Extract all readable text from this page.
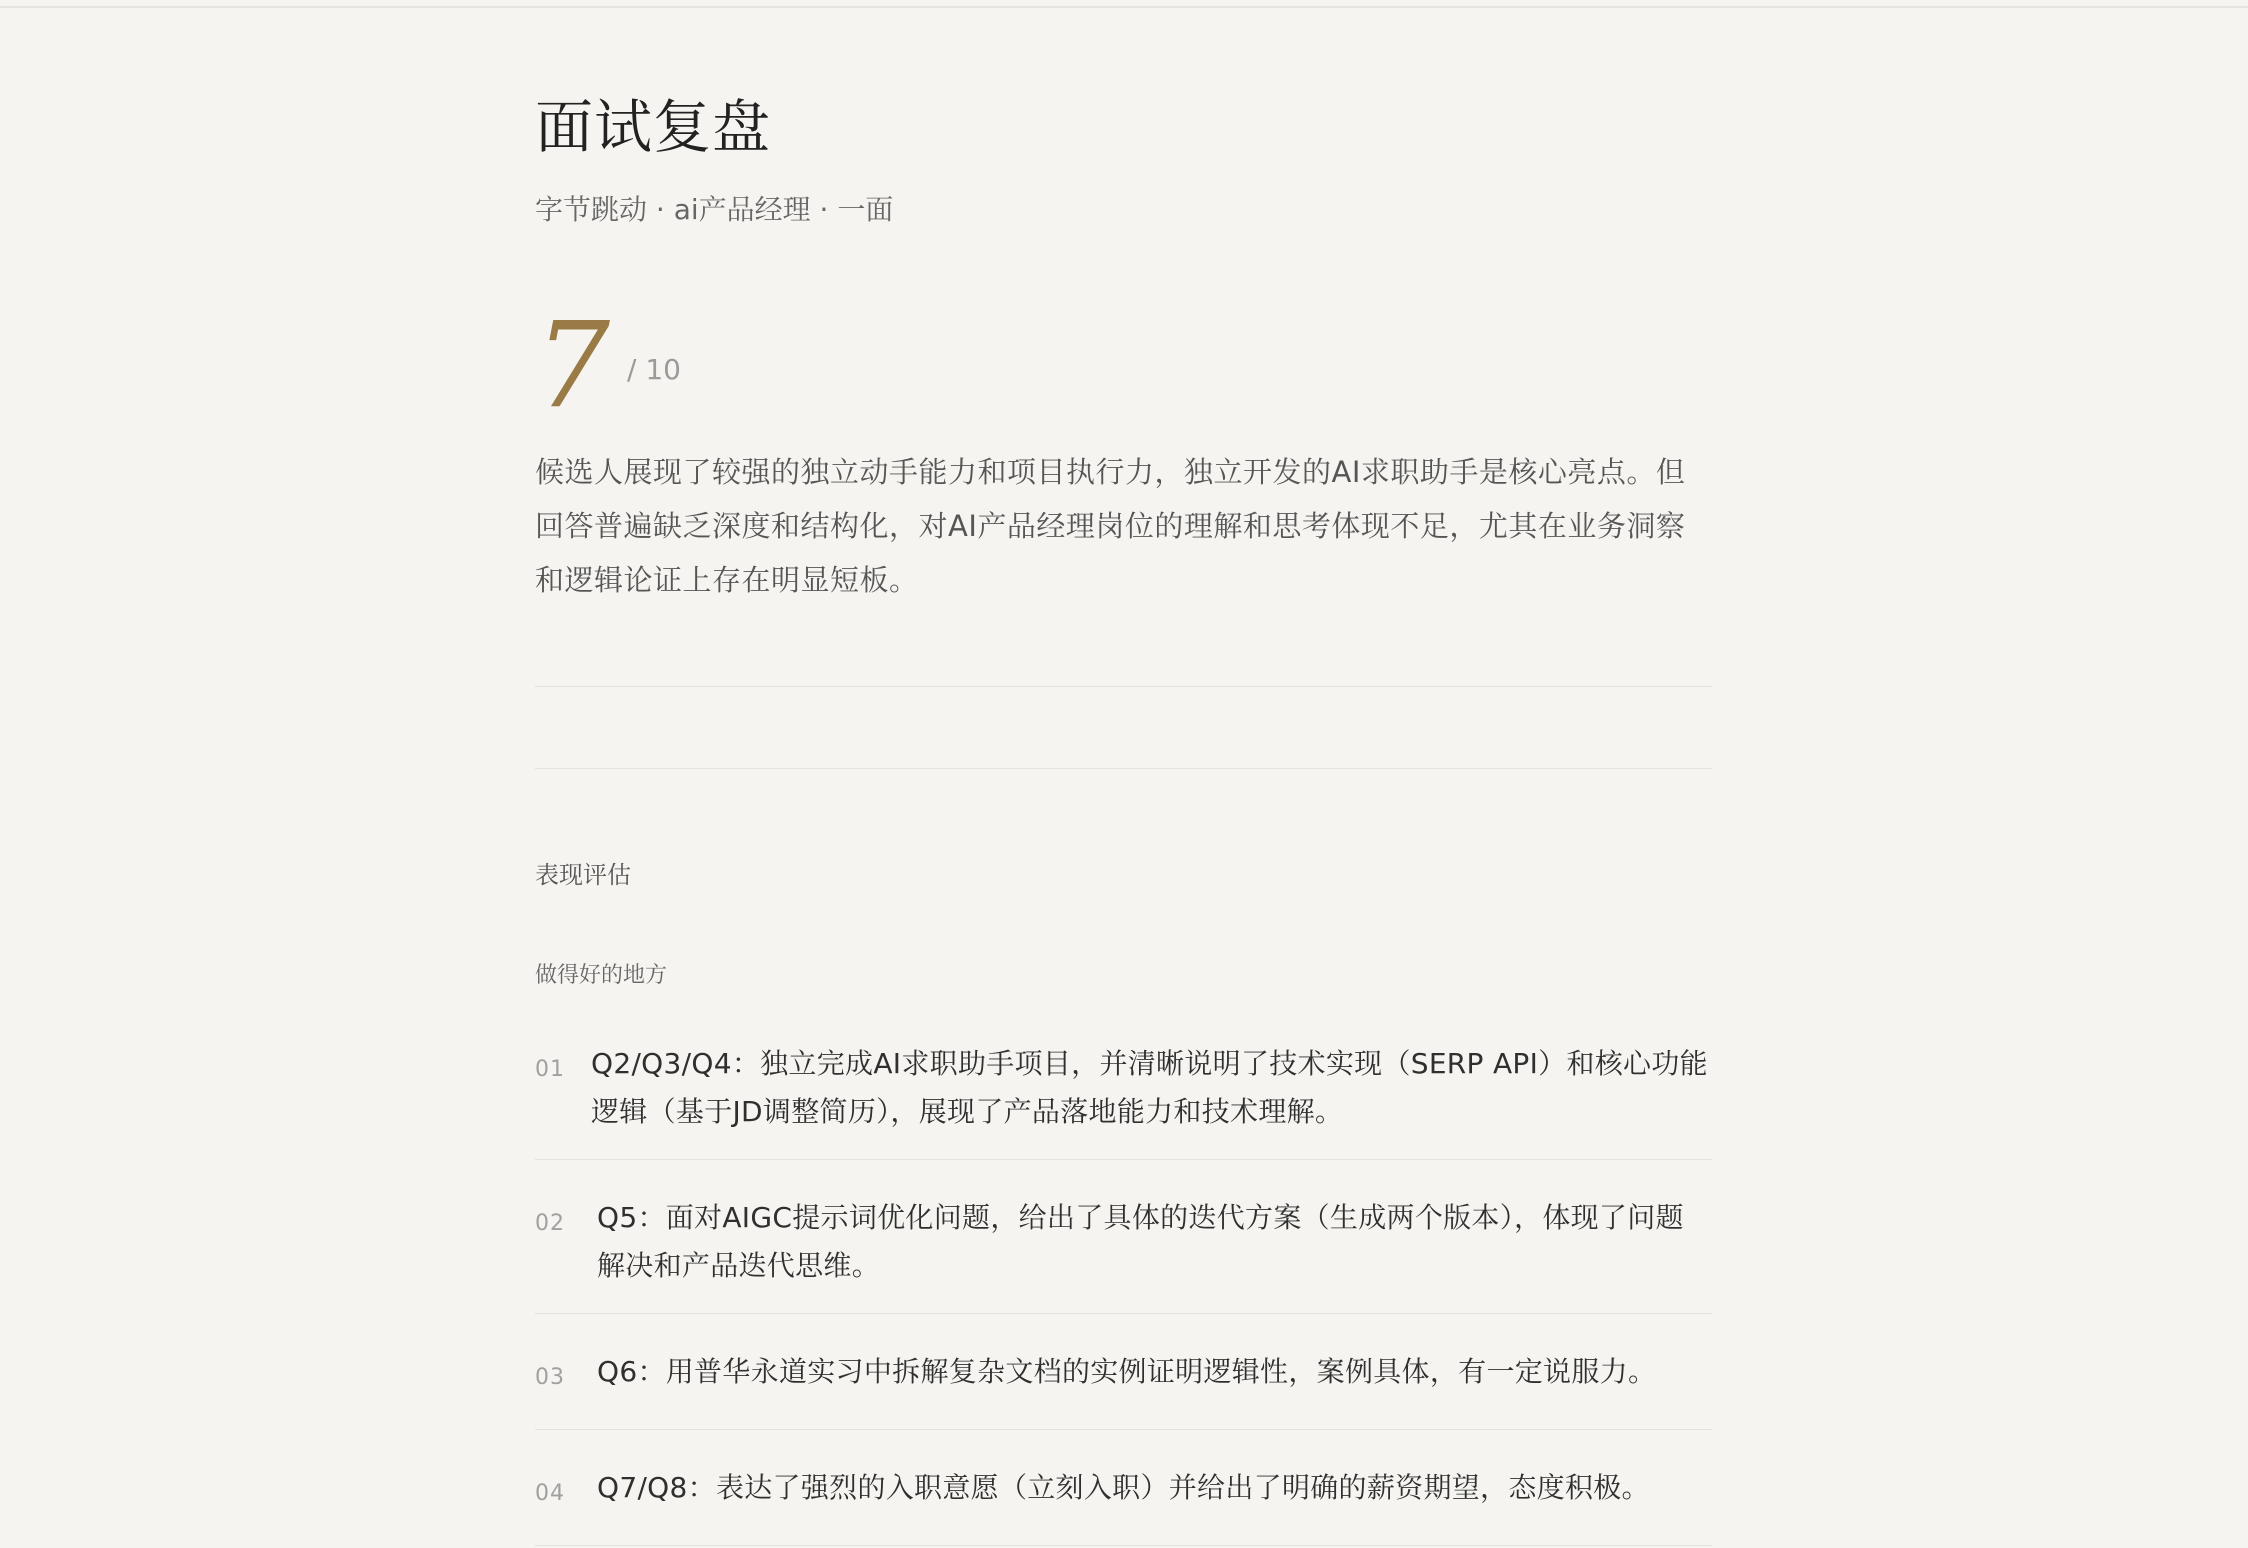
面试复盘
字节跳动 · ai产品经理 · 一面
7 / 10

候选人展现了较强的独立动手能力和项目执行力，独立开发的AI求职助手是核心亮点。但回答普遍缺乏深度和结构化，对AI产品经理岗位的理解和思考体现不足，尤其在业务洞察和逻辑论证上存在明显短板。

表现评估
做得好的地方
01 Q2/Q3/Q4：独立完成AI求职助手项目，并清晰说明了技术实现（SERP API）和核心功能逻辑（基于JD调整简历），展现了产品落地能力和技术理解。
02	Q5：面对AIGC提示词优化问题，给出了具体的迭代方案（生成两个版本），体现了问题解决和产品迭代思维。
03	Q6：用普华永道实习中拆解复杂文档的实例证明逻辑性，案例具体，有一定说服力。
04	Q7/Q8：表达了强烈的入职意愿（立刻入职）并给出了明确的薪资期望，态度积极。
